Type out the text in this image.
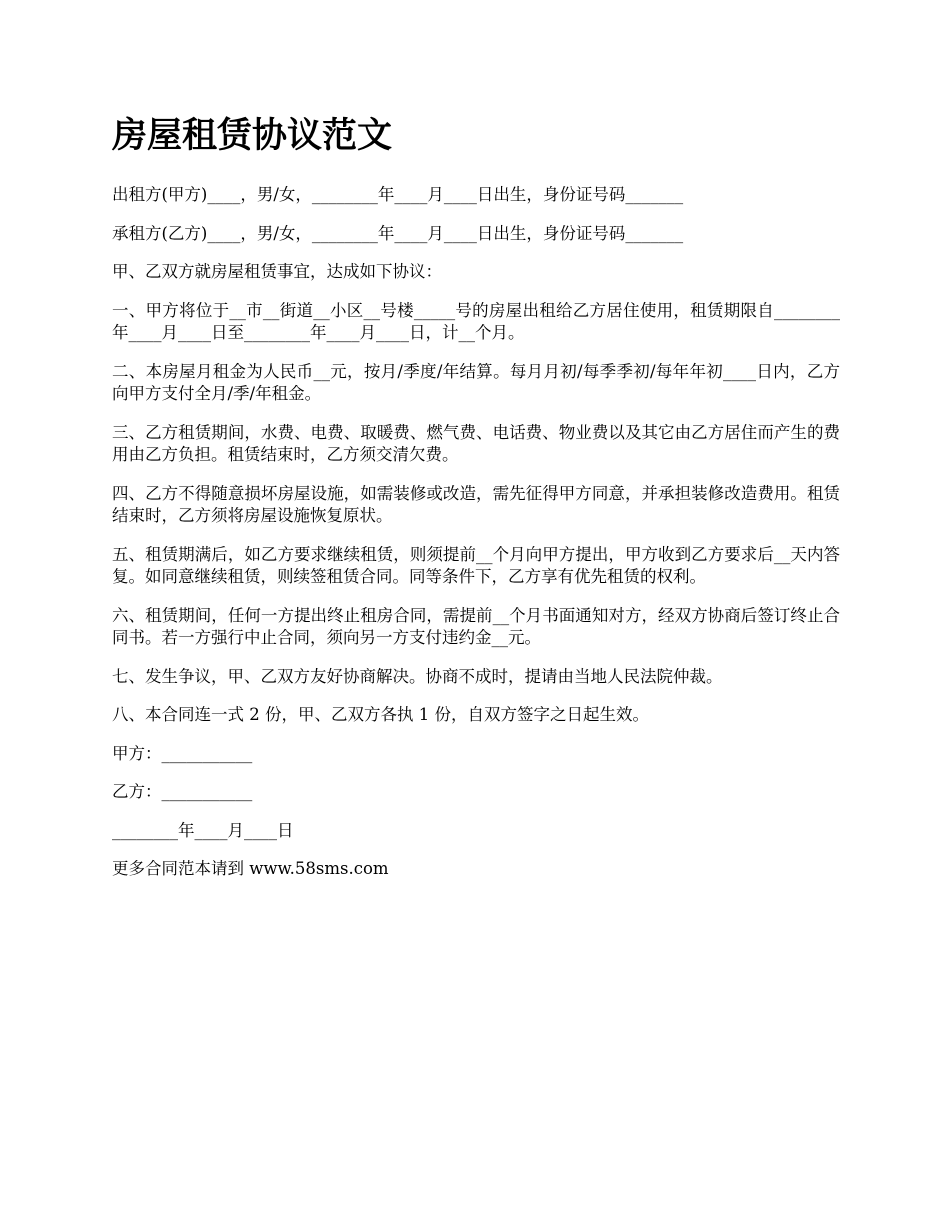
房屋租赁协议范文

出租方(甲方)____，男/女，________年____月____日出生，身份证号码_______

承租方(乙方)____，男/女，________年____月____日出生，身份证号码_______

甲、乙双方就房屋租赁事宜，达成如下协议：

一、甲方将位于__市__街道__小区__号楼_____号的房屋出租给乙方居住使用，租赁期限自________年____月____日至________年____月____日，计__个月。

二、本房屋月租金为人民币__元，按月/季度/年结算。每月月初/每季季初/每年年初____日内，乙方向甲方支付全月/季/年租金。

三、乙方租赁期间，水费、电费、取暖费、燃气费、电话费、物业费以及其它由乙方居住而产生的费用由乙方负担。租赁结束时，乙方须交清欠费。

四、乙方不得随意损坏房屋设施，如需装修或改造，需先征得甲方同意，并承担装修改造费用。租赁结束时，乙方须将房屋设施恢复原状。

五、租赁期满后，如乙方要求继续租赁，则须提前__个月向甲方提出，甲方收到乙方要求后__天内答复。如同意继续租赁，则续签租赁合同。同等条件下，乙方享有优先租赁的权利。

六、租赁期间，任何一方提出终止租房合同，需提前__个月书面通知对方，经双方协商后签订终止合同书。若一方强行中止合同，须向另一方支付违约金__元。

七、发生争议，甲、乙双方友好协商解决。协商不成时，提请由当地人民法院仲裁。

八、本合同连一式 2 份，甲、乙双方各执 1 份，自双方签字之日起生效。

甲方：___________

乙方：___________

________年____月____日

更多合同范本请到 www.58sms.com
